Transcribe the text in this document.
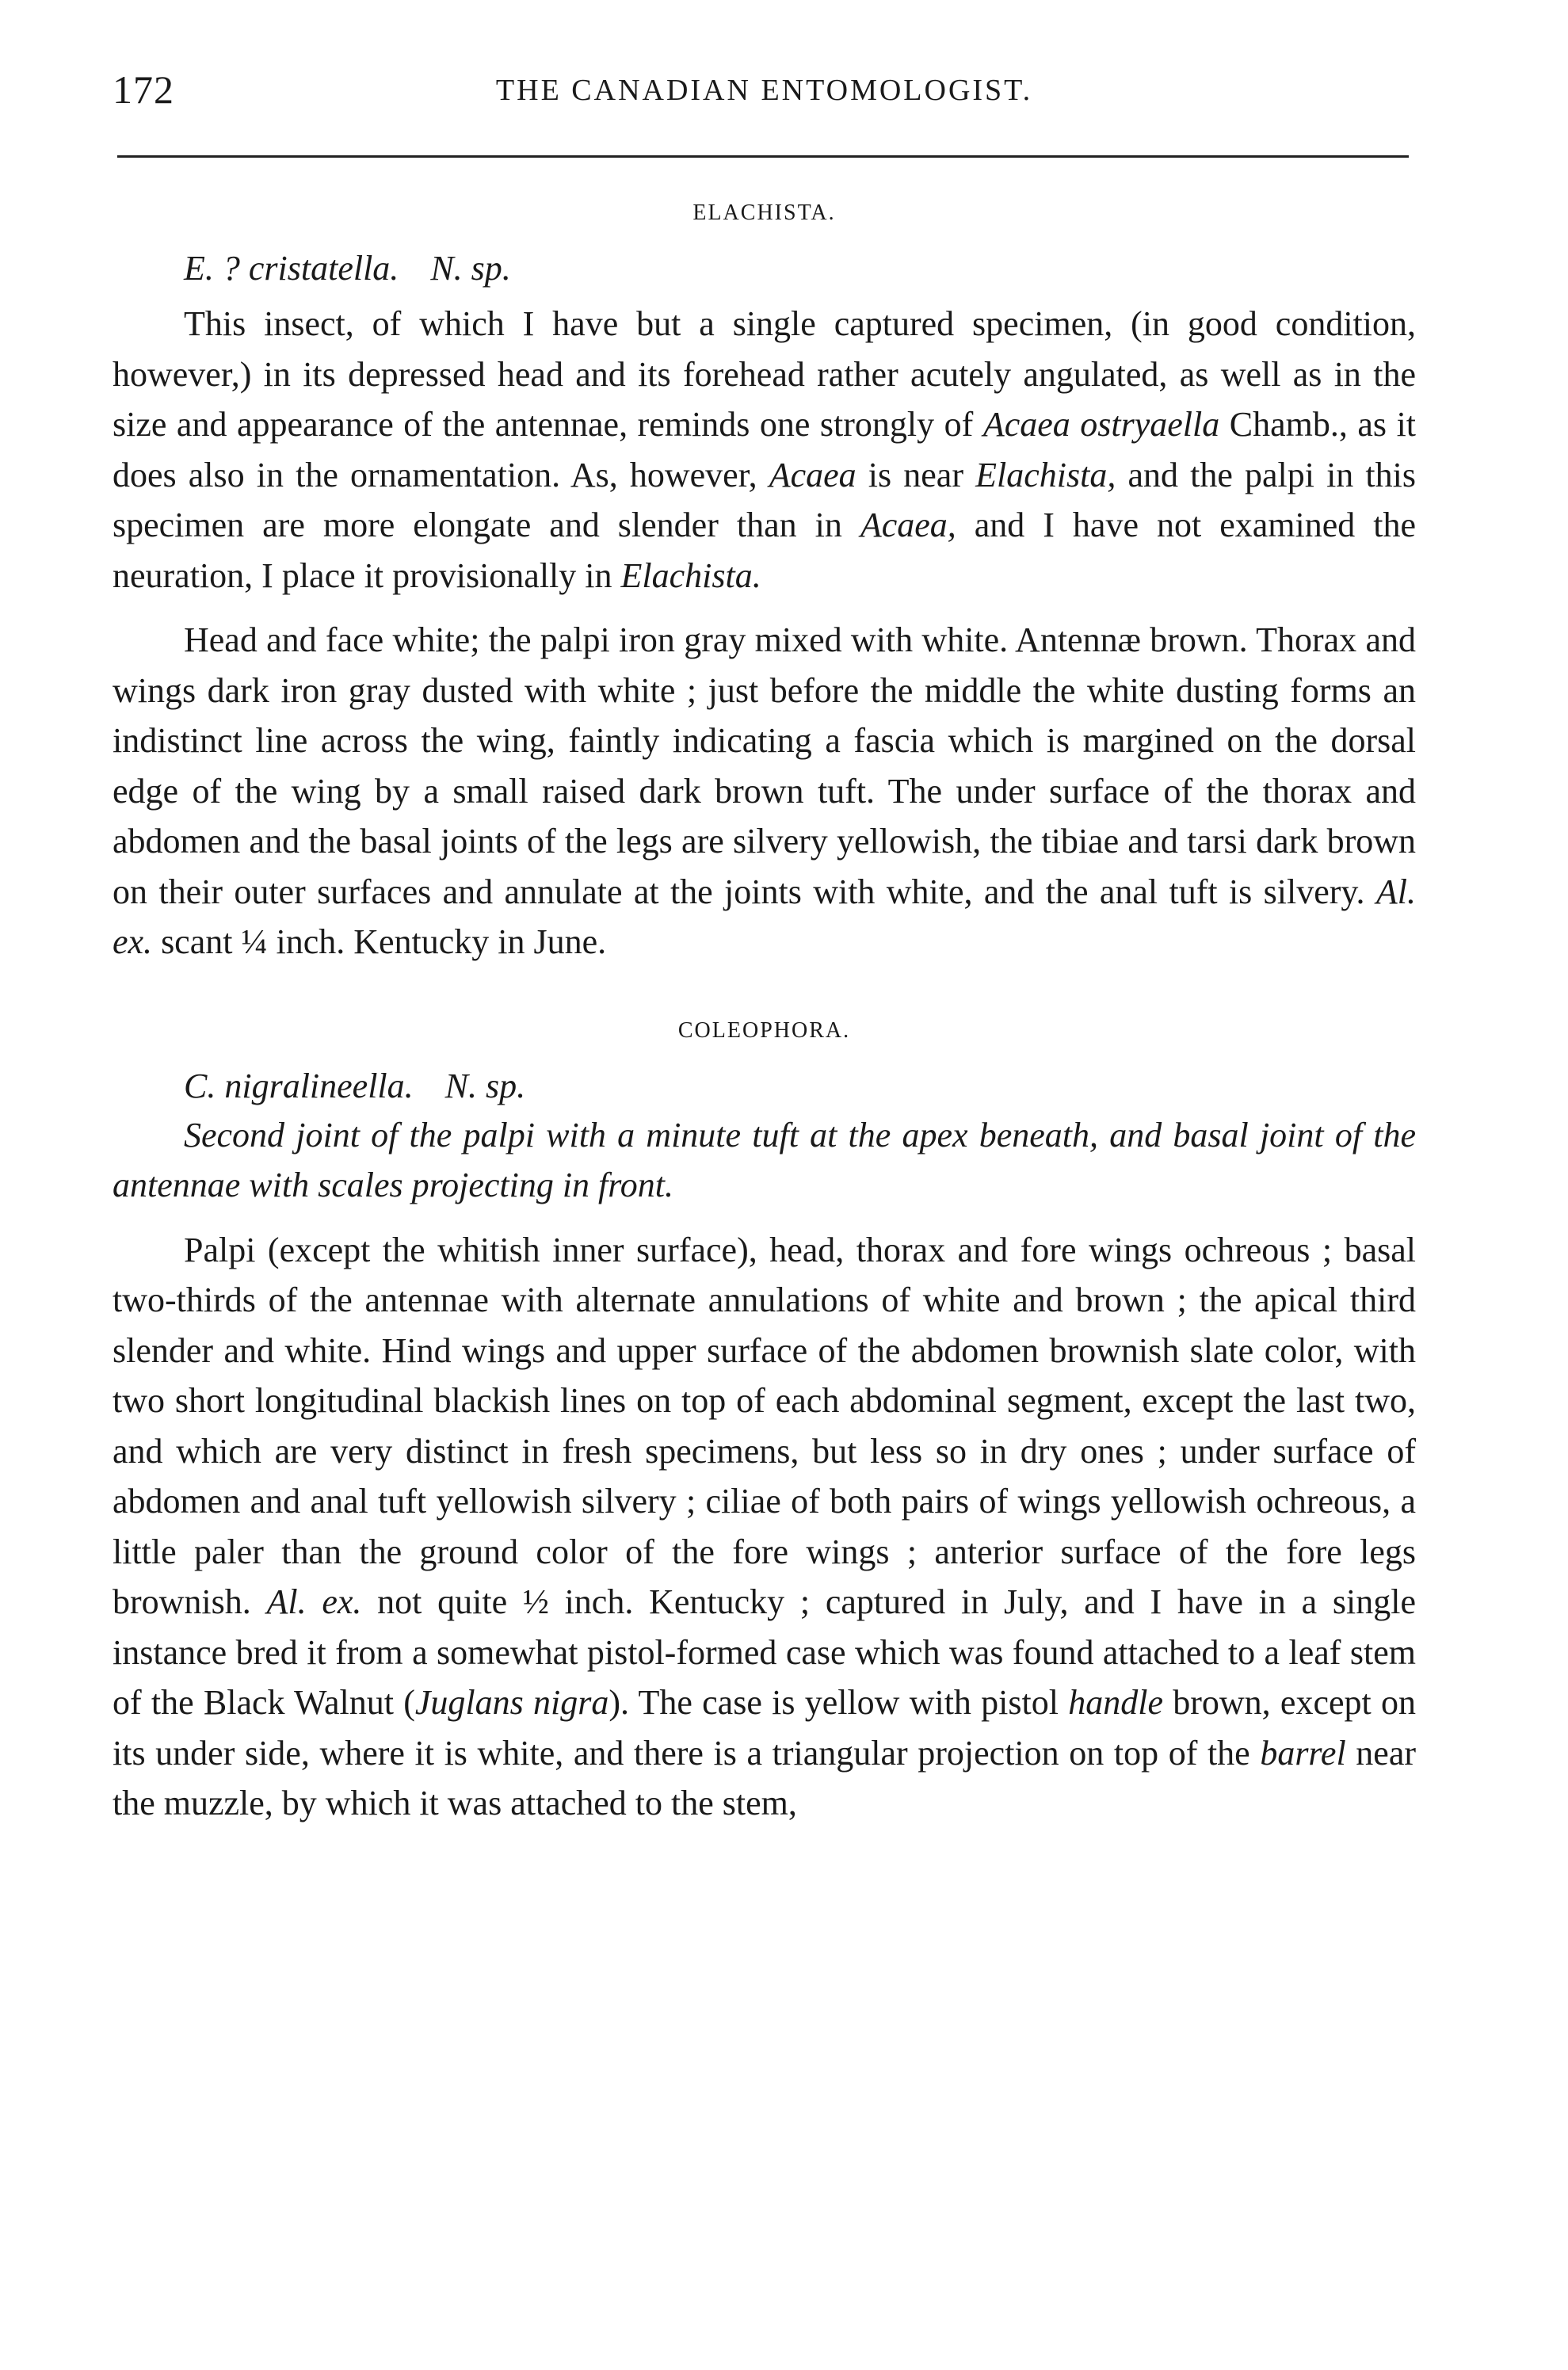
172	THE CANADIAN ENTOMOLOGIST.
ELACHISTA.
E. ? cristatella. N. sp.

This insect, of which I have but a single captured specimen, (in good condition, however,) in its depressed head and its forehead rather acutely angulated, as well as in the size and appearance of the antennae, reminds one strongly of Acaea ostryaella Chamb., as it does also in the ornamentation. As, however, Acaea is near Elachista, and the palpi in this specimen are more elongate and slender than in Acaea, and I have not examined the neuration, I place it provisionally in Elachista.

Head and face white; the palpi iron gray mixed with white. Antennæ brown. Thorax and wings dark iron gray dusted with white ; just before the middle the white dusting forms an indistinct line across the wing, faintly indicating a fascia which is margined on the dorsal edge of the wing by a small raised dark brown tuft. The under surface of the thorax and abdomen and the basal joints of the legs are silvery yellowish, the tibiae and tarsi dark brown on their outer surfaces and annulate at the joints with white, and the anal tuft is silvery. Al. ex. scant ¼ inch. Kentucky in June.

COLEOPHORA.
C. nigralineella. N. sp.

Second joint of the palpi with a minute tuft at the apex beneath, and basal joint of the antennae with scales projecting in front.

Palpi (except the whitish inner surface), head, thorax and fore wings ochreous ; basal two-thirds of the antennae with alternate annulations of white and brown ; the apical third slender and white. Hind wings and upper surface of the abdomen brownish slate color, with two short longitudinal blackish lines on top of each abdominal segment, except the last two, and which are very distinct in fresh specimens, but less so in dry ones ; under surface of abdomen and anal tuft yellowish silvery ; ciliae of both pairs of wings yellowish ochreous, a little paler than the ground color of the fore wings ; anterior surface of the fore legs brownish. Al. ex. not quite ½ inch. Kentucky ; captured in July, and I have in a single instance bred it from a somewhat pistol-formed case which was found attached to a leaf stem of the Black Walnut (Juglans nigra). The case is yellow with pistol handle brown, except on its under side, where it is white, and there is a triangular projection on top of the barrel near the muzzle, by which it was attached to the stem,
